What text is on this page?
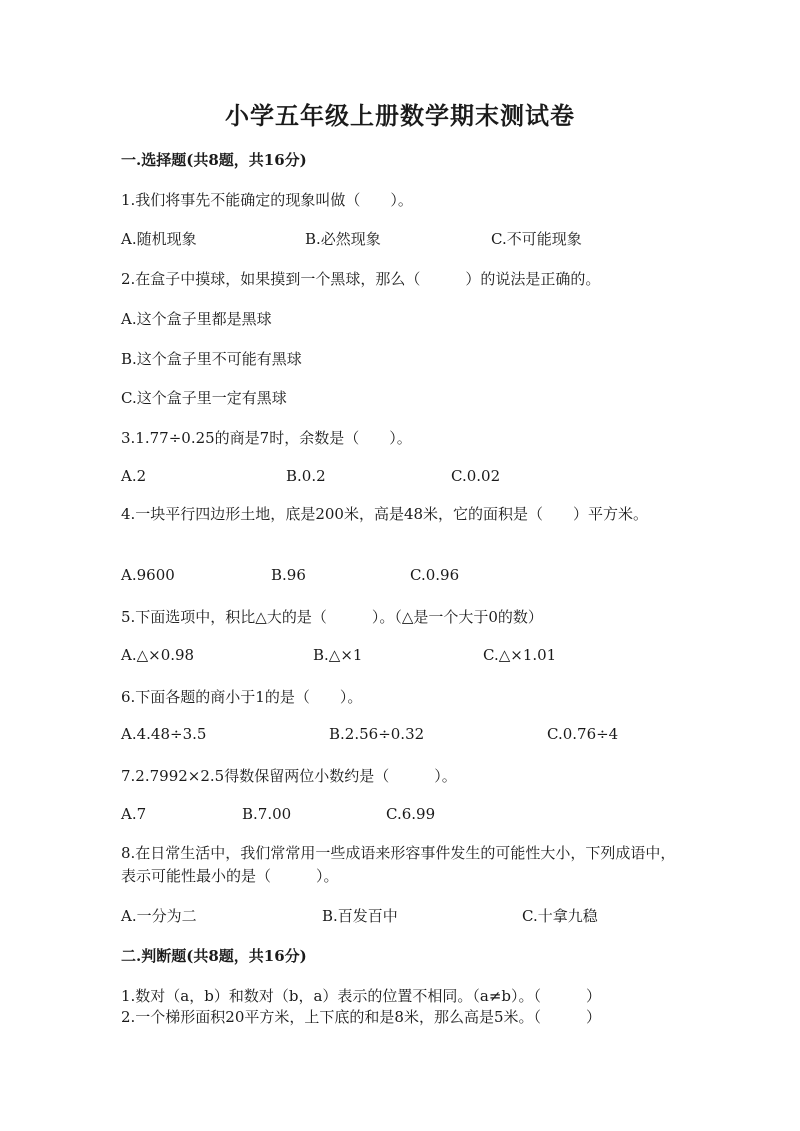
小学五年级上册数学期末测试卷
一.选择题(共8题，共16分)
1.我们将事先不能确定的现象叫做（　　）。
A.随机现象	B.必然现象	C.不可能现象
2.在盒子中摸球，如果摸到一个黑球，那么（　　　）的说法是正确的。
A.这个盒子里都是黑球
B.这个盒子里不可能有黑球
C.这个盒子里一定有黑球
3.1.77÷0.25的商是7时，余数是（　　）。
A.2	B.0.2	C.0.02
4.一块平行四边形土地，底是200米，高是48米，它的面积是（　　）平方米。
A.9600	B.96	C.0.96
5.下面选项中，积比△大的是（　　　）。（△是一个大于0的数）
A.△×0.98	B.△×1	C.△×1.01
6.下面各题的商小于1的是（　　）。
A.4.48÷3.5	B.2.56÷0.32	C.0.76÷4
7.2.7992×2.5得数保留两位小数约是（　　　）。
A.7	B.7.00	C.6.99
8.在日常生活中，我们常常用一些成语来形容事件发生的可能性大小，下列成语中，表示可能性最小的是（　　　）。
A.一分为二	B.百发百中	C.十拿九稳
二.判断题(共8题，共16分)
1.数对（a，b）和数对（b，a）表示的位置不相同。（a≠b）。（　　　）
2.一个梯形面积20平方米，上下底的和是8米，那么高是5米。（　　　）
